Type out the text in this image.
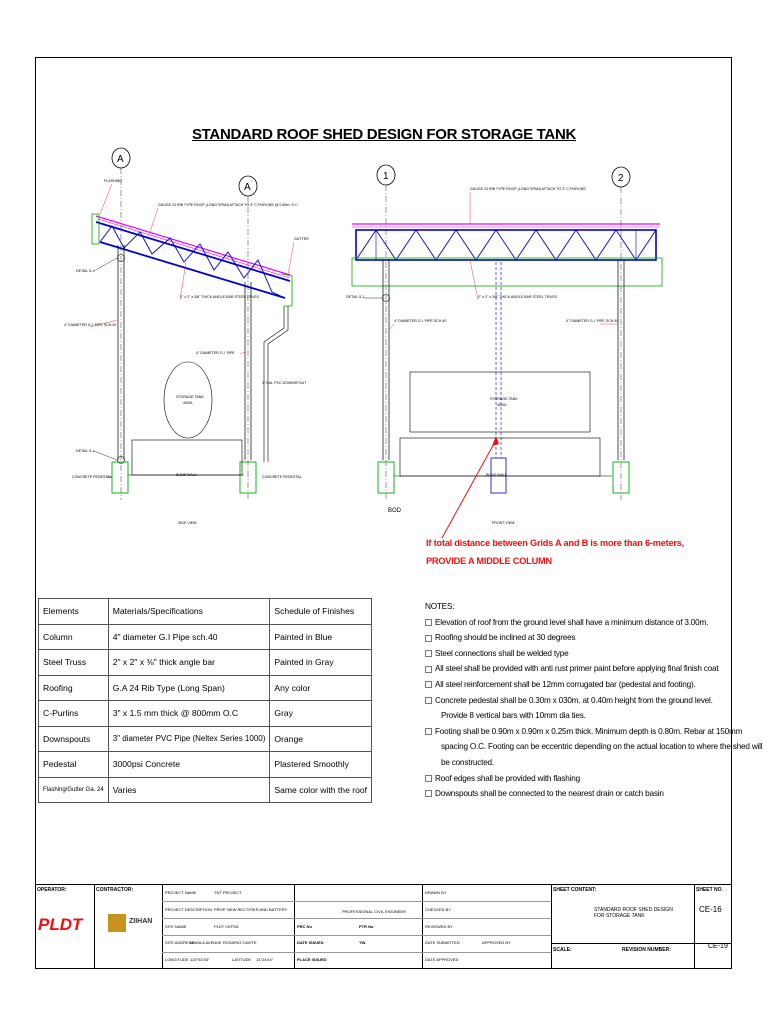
STANDARD ROOF SHED DESIGN FOR STORAGE TANK
A
'
A
''
FLASHING
GAUGE 24 RIB TYPE ROOF (LONG SPAN) ATTACH TO 3" C PURLINS @ 0.80m. O.C.
GUTTER
DETAIL 5-1
4" DIAMETER G.I. PIPE SCH.40
2" x 2" x 3/8" THICK ANGLE BAR STEEL TRUSS
4" DIAMETER G.I. PIPE
3" DIA. PVC DOWNSPOUT
STORAGE TANK
4000L
DETAIL 5-1
BUND WALL
CONCRETE PEDESTAL	CONCRETE PEDESTAL
SIDE VIEW
1	2
GAUGE 24 RIB TYPE ROOF (LONG SPAN) ATTACH TO 3" C PURLINS
DETAIL 5-1	2" x 2" x 3/8" THICK ANGLE BAR STEEL TRUSS
4" DIAMETER G.I. PIPE SCH.40	4" DIAMETER G.I. PIPE SCH.40
STORAGE TANK
4000L
BUND WALL
BOD
FRONT VIEW
If total distance between Grids A and B is more than 6-meters,
PROVIDE A MIDDLE COLUMN
Elements	Materials/Specifications	Schedule of Finishes
Column	4" diameter G.I Pipe sch.40	Painted in Blue
Steel Truss	2" x 2" x ⅜" thick angle bar	Painted in Gray
Roofing	G.A 24 Rib Type (Long Span)	Any color
C-Purlins	3" x 1.5 mm thick @ 800mm O.C	Gray
Downspouts	3" diameter PVC Pipe (Neltex Series 1000)	Orange
Pedestal	3000psi Concrete	Plastered Smoothly
Flashing/Gutter Ga. 24	Varies	Same color with the roof
NOTES:
Elevation of roof from the ground level shall have a minimum distance of 3.00m.
Roofing should be inclined at 30 degrees
Steel connections shall be welded type
All steel shall be provided with anti rust primer paint before applying final finish coat
All steel reinforcement shall be 12mm corrugated bar (pedestal and footing).
Concrete pedestal shall be 0.30m x 030m. at 0.40m height from the ground level.
Provide 8 vertical bars with 10mm dia ties.
Footing shall be 0.90m x 0.90m x 0.25m thick. Minimum depth is 0.80m. Rebar at 150mm
spacing O.C. Footing can be eccentric depending on the actual location to where the shed will
be constructed.
Roof edges shall be provided with flashing
Downspouts shall be connected to the nearest drain or catch basin
OPERATOR:	CONTRACTOR:
PLDT	ZIIHAN
PROJECT NAME	TNT PROJECT
PROJECT DESCRIPTION PROP. NEW RECTIFIER AND BATTERY
SITE NAME	PLDT CEPZA
SITE ADDRESS
MANILA AVENUE ROSARIO CAVITE
LONGITUDE 120°51'53"	LATITUDE 14°24'44"
PROFESSIONAL CIVIL ENGINEER
PRC No	PTR No
DATE ISSUED	TIN
PLACE ISSUED
DRAWN BY
CHECKED BY
REVIEWED BY
DATE SUBMITTED	APPROVED BY
DATE APPROVED
SHEET CONTENT:
STANDARD ROOF SHED DESIGN FOR STORAGE TANK
SCALE:	REVISION NUMBER:
SHEET NO.
CE-16
CE-19
